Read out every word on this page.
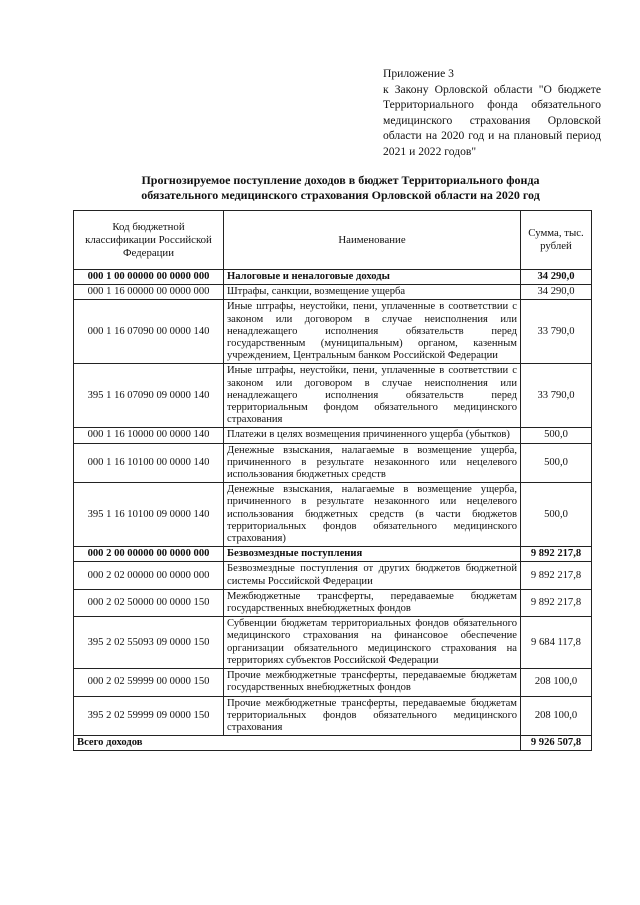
Приложение 3
к Закону Орловской области "О бюджете Территориального фонда обязательного медицинского страхования Орловской области на 2020 год и на плановый период 2021 и 2022 годов"
Прогнозируемое поступление доходов в бюджет Территориального фонда
обязательного медицинского страхования Орловской области на 2020 год
Код бюджетной классификации Российской Федерации	Наименование	Сумма, тыс. рублей
000 1 00 00000 00 0000 000	Налоговые и неналоговые доходы	34 290,0
000 1 16 00000 00 0000 000	Штрафы, санкции, возмещение ущерба	34 290,0
000 1 16 07090 00 0000 140	Иные штрафы, неустойки, пени, уплаченные в соответствии с законом или договором в случае неисполнения или ненадлежащего исполнения обязательств перед государственным (муниципальным) органом, казенным учреждением, Центральным банком Российской Федерации	33 790,0
395 1 16 07090 09 0000 140	Иные штрафы, неустойки, пени, уплаченные в соответствии с законом или договором в случае неисполнения или ненадлежащего исполнения обязательств перед территориальным фондом обязательного медицинского страхования	33 790,0
000 1 16 10000 00 0000 140	Платежи в целях возмещения причиненного ущерба (убытков)	500,0
000 1 16 10100 00 0000 140	Денежные взыскания, налагаемые в возмещение ущерба, причиненного в результате незаконного или нецелевого использования бюджетных средств	500,0
395 1 16 10100 09 0000 140	Денежные взыскания, налагаемые в возмещение ущерба, причиненного в результате незаконного или нецелевого использования бюджетных средств (в части бюджетов территориальных фондов обязательного медицинского страхования)	500,0
000 2 00 00000 00 0000 000	Безвозмездные поступления	9 892 217,8
000 2 02 00000 00 0000 000	Безвозмездные поступления от других бюджетов бюджетной системы Российской Федерации	9 892 217,8
000 2 02 50000 00 0000 150	Межбюджетные трансферты, передаваемые бюджетам государственных внебюджетных фондов	9 892 217,8
395 2 02 55093 09 0000 150	Субвенции бюджетам территориальных фондов обязательного медицинского страхования на финансовое обеспечение организации обязательного медицинского страхования на территориях субъектов Российской Федерации	9 684 117,8
000 2 02 59999 00 0000 150	Прочие межбюджетные трансферты, передаваемые бюджетам государственных внебюджетных фондов	208 100,0
395 2 02 59999 09 0000 150	Прочие межбюджетные трансферты, передаваемые бюджетам территориальных фондов обязательного медицинского страхования	208 100,0
Всего доходов		9 926 507,8
